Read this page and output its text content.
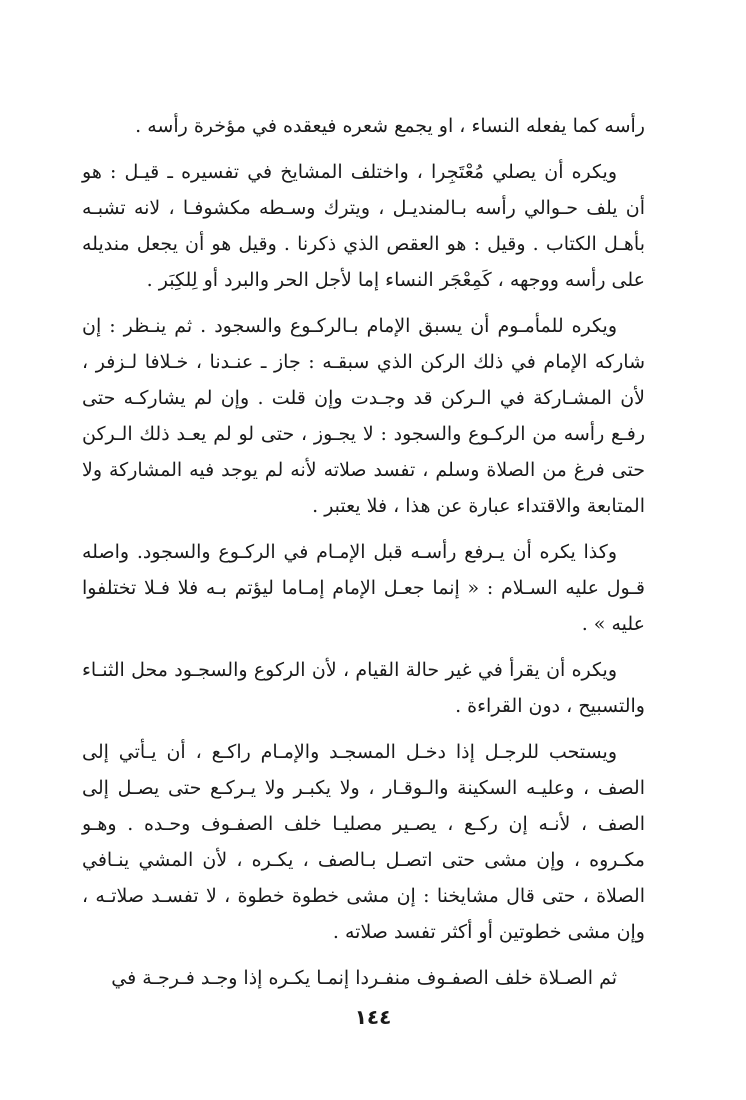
رأسه كما يفعله النساء ، او يجمع شعره فيعقده في مؤخرة رأسه .

ويكره أن يصلي مُعْتَجِرا ، واختلف المشايخ في تفسيره ـ قيـل : هو أن يلف حـوالي رأسه بـالمنديـل ، ويترك وسـطه مكشوفـا ، لانه تشبـه بأهـل الكتاب . وقيل : هو العقص الذي ذكرنا . وقيل هو أن يجعل منديله على رأسه ووجهه ، كَمِعْجَر النساء إما لأجل الحر والبرد أو لِلكِبَر .

ويكره للمأمـوم أن يسبق الإمام بـالركـوع والسجود . ثم ينـظر : إن شاركه الإمام في ذلك الركن الذي سبقـه : جاز ـ عنـدنا ، خـلافا لـزفر ، لأن المشـاركة في الـركن قد وجـدت وإن قلت . وإن لم يشاركـه حتى رفـع رأسه من الركـوع والسجود : لا يجـوز ، حتى لو لم يعـد ذلك الـركن حتى فرغ من الصلاة وسلم ، تفسد صلاته لأنه لم يوجد فيه المشاركة ولا المتابعة والاقتداء عبارة عن هذا ، فلا يعتبر .

وكذا يكره أن يـرفع رأسـه قبل الإمـام في الركـوع والسجود. واصله قـول عليه السـلام : « إنما جعـل الإمام إمـاما ليؤتم بـه فلا فـلا تختلفوا عليه » .

ويكره أن يقرأ في غير حالة القيام ، لأن الركوع والسجـود محل الثنـاء والتسبيح ، دون القراءة .

ويستحب للرجـل إذا دخـل المسجـد والإمـام راكـع ، أن يـأتي إلى الصف ، وعليـه السكينة والـوقـار ، ولا يكبـر ولا يـركـع حتى يصـل إلى الصف ، لأنـه إن ركـع ، يصـير مصليـا خلف الصفـوف وحـده . وهـو مكـروه ، وإن مشى حتى اتصـل بـالصف ، يكـره ، لأن المشي ينـافي الصلاة ، حتى قال مشايخنا : إن مشى خطوة خطوة ، لا تفسـد صلاتـه ، وإن مشى خطوتين أو أكثر تفسد صلاته .

ثم الصـلاة خلف الصفـوف منفـردا إنمـا يكـره إذا وجـد فـرجـة في

١٤٤
